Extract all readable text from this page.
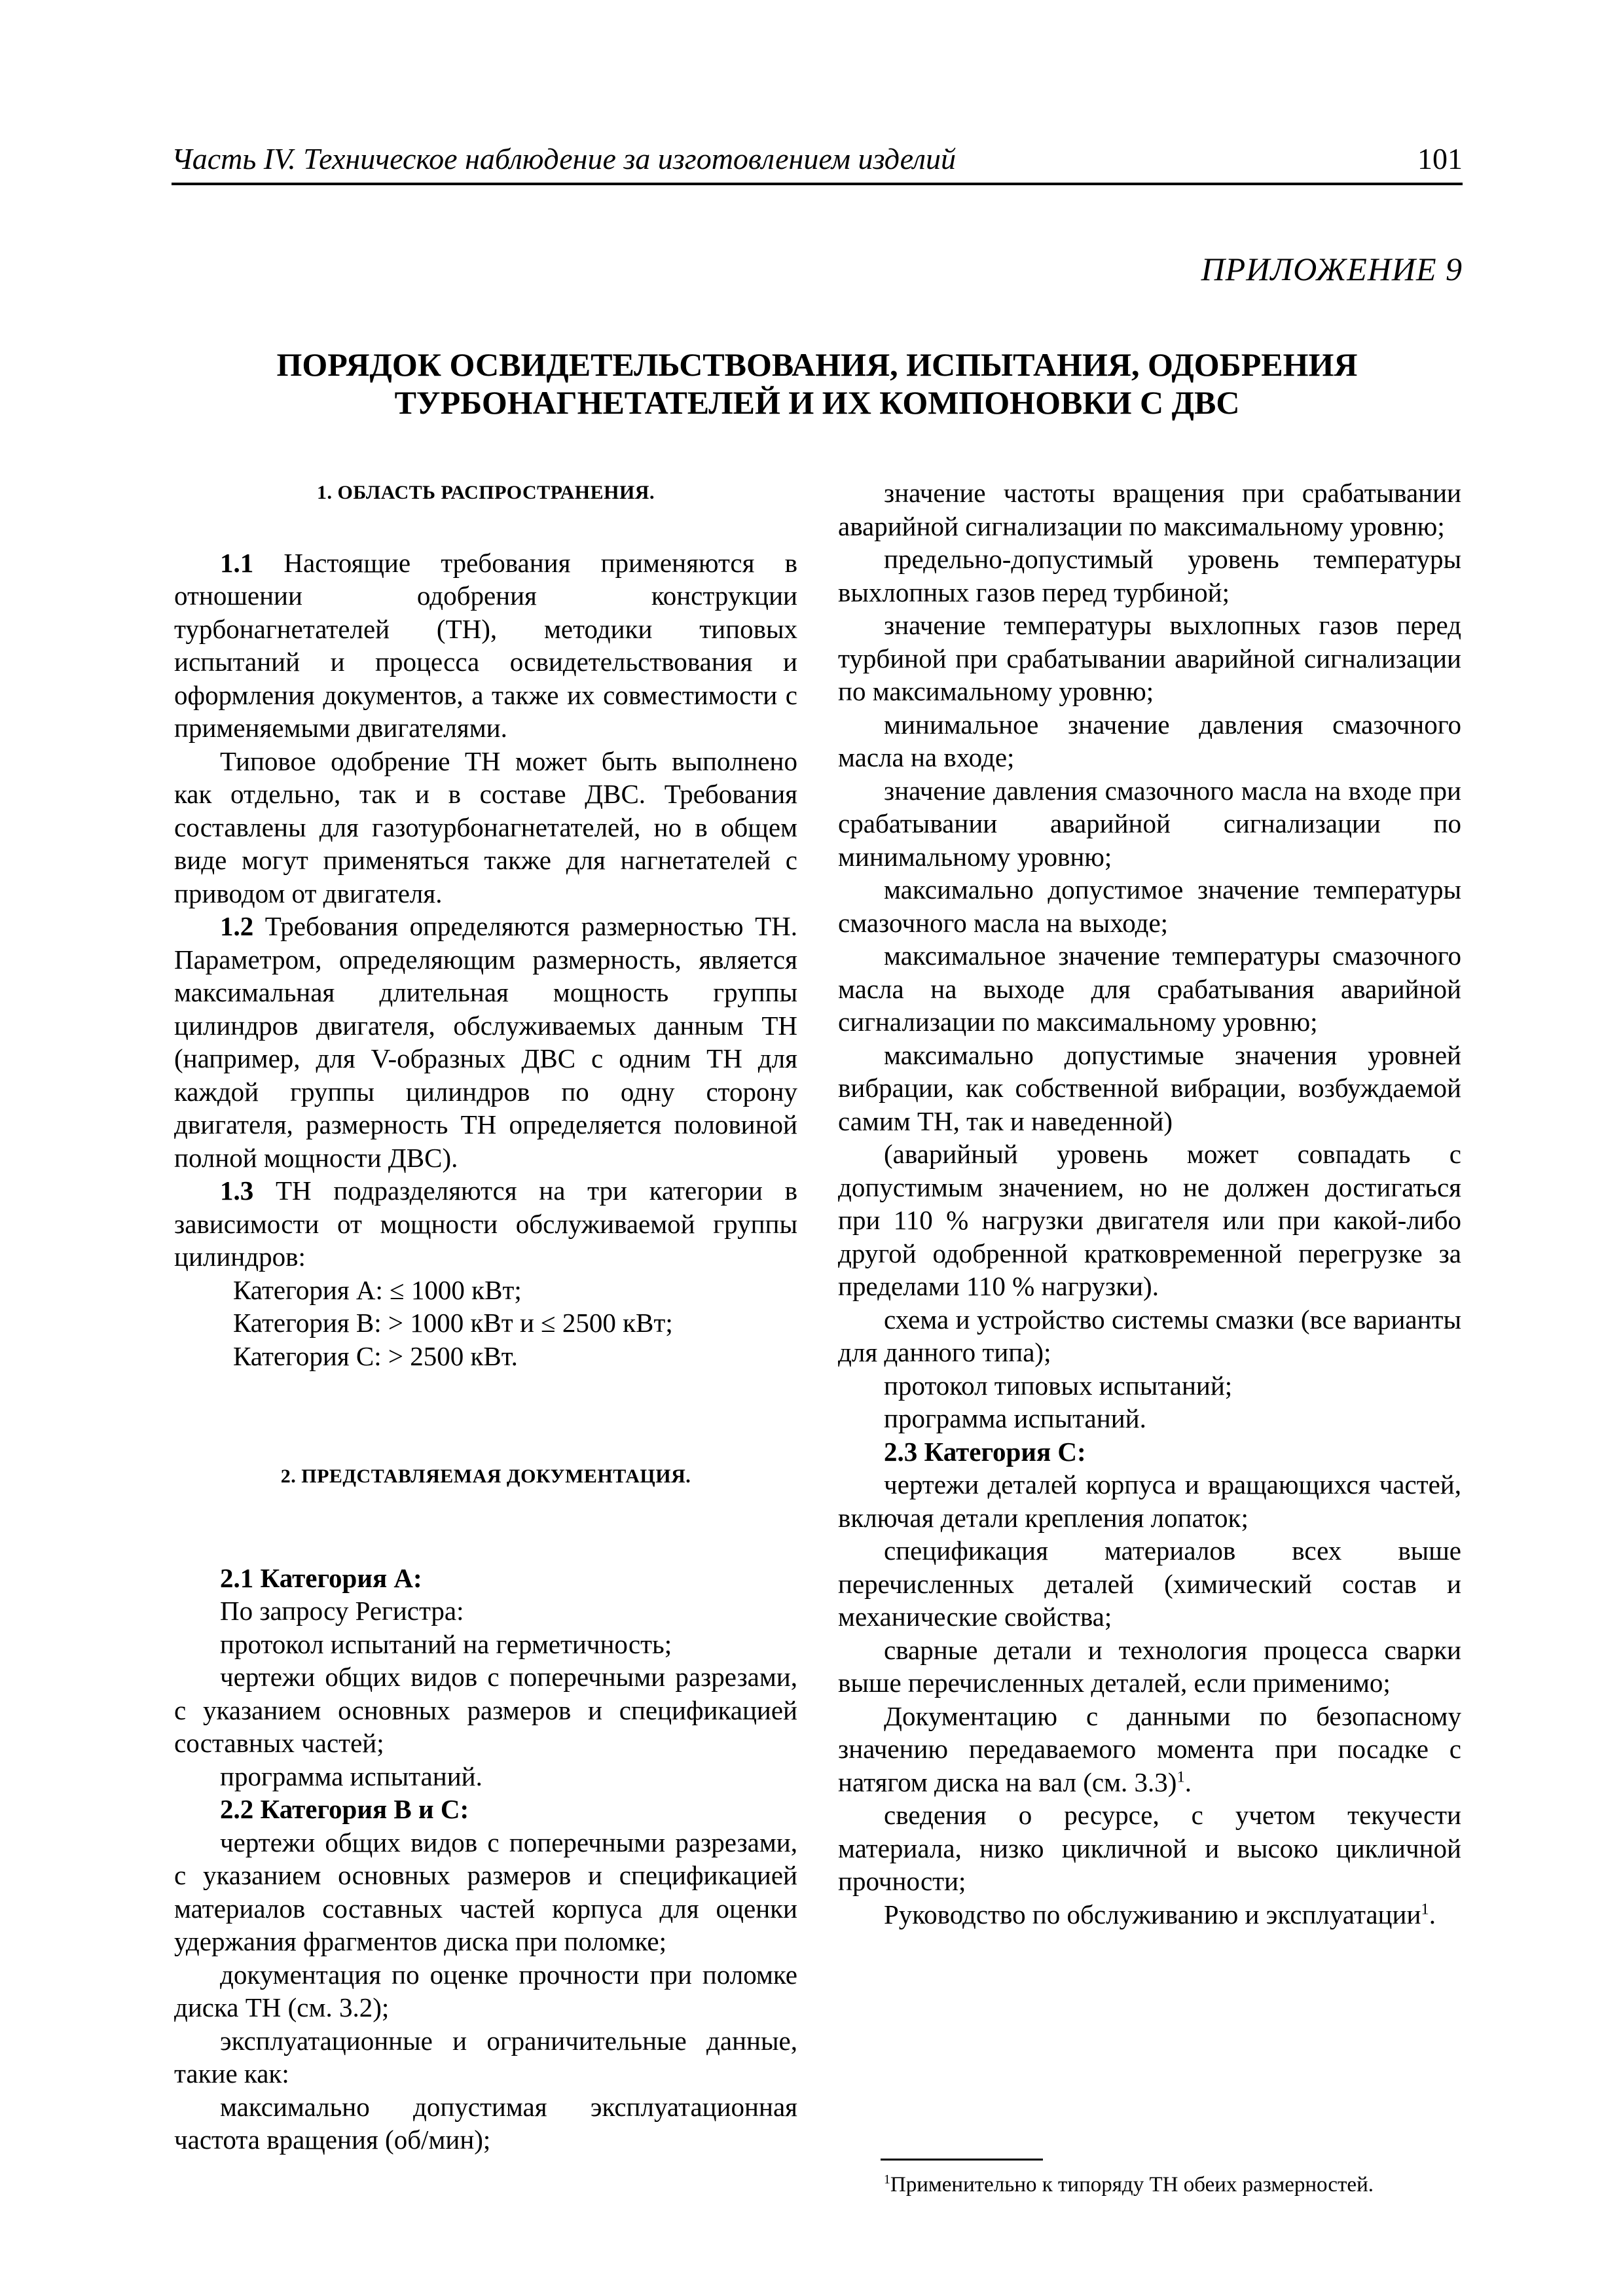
Часть IV. Техническое наблюдение за изготовлением изделий	101
ПРИЛОЖЕНИЕ 9
ПОРЯДОК ОСВИДЕТЕЛЬСТВОВАНИЯ, ИСПЫТАНИЯ, ОДОБРЕНИЯ
ТУРБОНАГНЕТАТЕЛЕЙ И ИХ КОМПОНОВКИ С ДВС

1. ОБЛАСТЬ РАСПРОСТРАНЕНИЯ.

1.1 Настоящие требования применяются в отношении одобрения конструкции турбонагнетателей (ТН), методики типовых испытаний и процесса освидетельствования и оформления документов, а также их совместимости с применяемыми двигателями.

Типовое одобрение ТН может быть выполнено как отдельно, так и в составе ДВС. Требования составлены для газотурбонагнетателей, но в общем виде могут применяться также для нагнетателей с приводом от двигателя.

1.2 Требования определяются размерностью ТН. Параметром, определяющим размерность, является максимальная длительная мощность группы цилиндров двигателя, обслуживаемых данным ТН (например, для V-образных ДВС с одним ТН для каждой группы цилиндров по одну сторону двигателя, размерность ТН определяется половиной полной мощности ДВС).

1.3 ТН подразделяются на три категории в зависимости от мощности обслуживаемой группы цилиндров:

Категория А: ≤ 1000 кВт;

Категория В: > 1000 кВт и ≤ 2500 кВт;

Категория С: > 2500 кВт.

2. ПРЕДСТАВЛЯЕМАЯ ДОКУМЕНТАЦИЯ.

2.1 Категория А:

По запросу Регистра:

протокол испытаний на герметичность;

чертежи общих видов с поперечными разрезами, с указанием основных размеров и спецификацией составных частей;

программа испытаний.

2.2 Категория В и С:

чертежи общих видов с поперечными разрезами, с указанием основных размеров и спецификацией материалов составных частей корпуса для оценки удержания фрагментов диска при поломке;

документация по оценке прочности при поломке диска ТН (см. 3.2);

эксплуатационные и ограничительные данные, такие как:

максимально допустимая эксплуатационная частота вращения (об/мин);

значение частоты вращения при срабатывании аварийной сигнализации по максимальному уровню;

предельно-допустимый уровень температуры выхлопных газов перед турбиной;

значение температуры выхлопных газов перед турбиной при срабатывании аварийной сигнализации по максимальному уровню;

минимальное значение давления смазочного масла на входе;

значение давления смазочного масла на входе при срабатывании аварийной сигнализации по минимальному уровню;

максимально допустимое значение температуры смазочного масла на выходе;

максимальное значение температуры смазочного масла на выходе для срабатывания аварийной сигнализации по максимальному уровню;

максимально допустимые значения уровней вибрации, как собственной вибрации, возбуждаемой самим ТН, так и наведенной)

(аварийный уровень может совпадать с допустимым значением, но не должен достигаться при 110 % нагрузки двигателя или при какой-либо другой одобренной кратковременной перегрузке за пределами 110 % нагрузки).

схема и устройство системы смазки (все варианты для данного типа);

протокол типовых испытаний;

программа испытаний.

2.3 Категория С:

чертежи деталей корпуса и вращающихся частей, включая детали крепления лопаток;

спецификация материалов всех выше перечисленных деталей (химический состав и механические свойства;

сварные детали и технология процесса сварки выше перечисленных деталей, если применимо;

Документацию с данными по безопасному значению передаваемого момента при посадке с натягом диска на вал (см. 3.3)$^1$.

сведения о ресурсе, с учетом текучести материала, низко цикличной и высоко цикличной прочности;

Руководство по обслуживанию и эксплуатации$^1$.

$^1$Применительно к типоряду ТН обеих размерностей.
